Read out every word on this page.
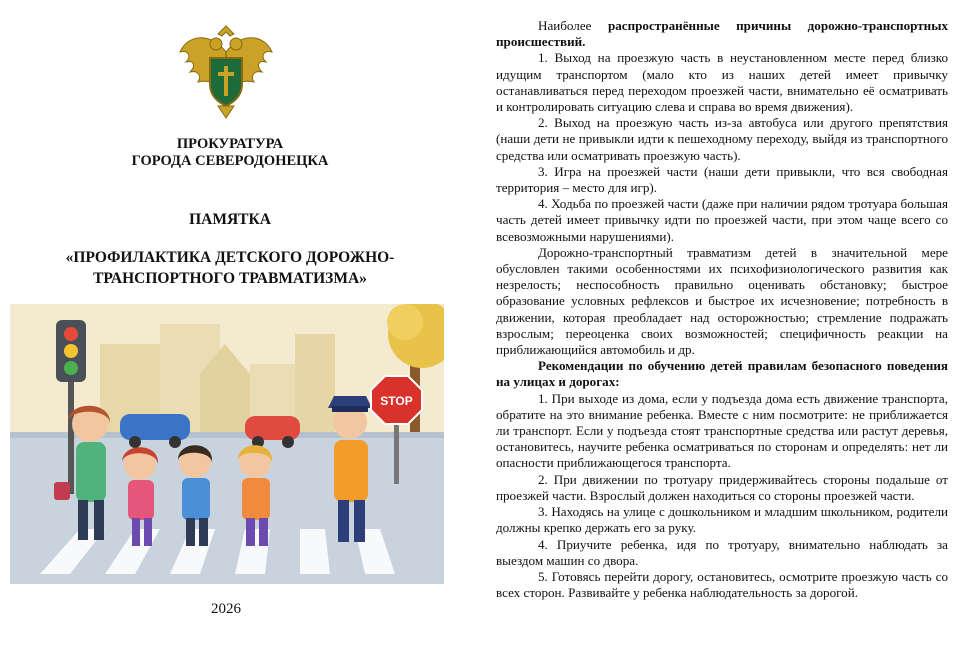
ПРОКУРАТУРА
ГОРОДА СЕВЕРОДОНЕЦКА
ПАМЯТКА
«ПРОФИЛАКТИКА ДЕТСКОГО ДОРОЖНО-
ТРАНСПОРТНОГО ТРАВМАТИЗМА»
STOP
2026

Наиболее распространённые причины дорожно-транспортных происшествий.

1. Выход на проезжую часть в неустановленном месте перед близко идущим транспортом (мало кто из наших детей имеет привычку останавливаться перед переходом проезжей части, внимательно её осматривать и контролировать ситуацию слева и справа во время движения).

2. Выход на проезжую часть из-за автобуса или другого препятствия (наши дети не привыкли идти к пешеходному переходу, выйдя из транспортного средства или осматривать проезжую часть).

3. Игра на проезжей части (наши дети привыкли, что вся свободная территория – место для игр).

4. Ходьба по проезжей части (даже при наличии рядом тротуара большая часть детей имеет привычку идти по проезжей части, при этом чаще всего со всевозможными нарушениями).

Дорожно-транспортный травматизм детей в значительной мере обусловлен такими особенностями их психофизиологического развития как незрелость; неспособность правильно оценивать обстановку; быстрое образование условных рефлексов и быстрое их исчезновение; потребность в движении, которая преобладает над осторожностью; стремление подражать взрослым; переоценка своих возможностей; специфичность реакции на приближающийся автомобиль и др.

Рекомендации по обучению детей правилам безопасного поведения на улицах и дорогах:

1. При выходе из дома, если у подъезда дома есть движение транспорта, обратите на это внимание ребенка. Вместе с ним посмотрите: не приближается ли транспорт. Если у подъезда стоят транспортные средства или растут деревья, остановитесь, научите ребенка осматриваться по сторонам и определять: нет ли опасности приближающегося транспорта.

2. При движении по тротуару придерживайтесь стороны подальше от проезжей части. Взрослый должен находиться со стороны проезжей части.

3. Находясь на улице с дошкольником и младшим школьником, родители должны крепко держать его за руку.

4. Приучите ребенка, идя по тротуару, внимательно наблюдать за выездом машин со двора.

5. Готовясь перейти дорогу, остановитесь, осмотрите проезжую часть со всех сторон. Развивайте у ребенка наблюдательность за дорогой.
